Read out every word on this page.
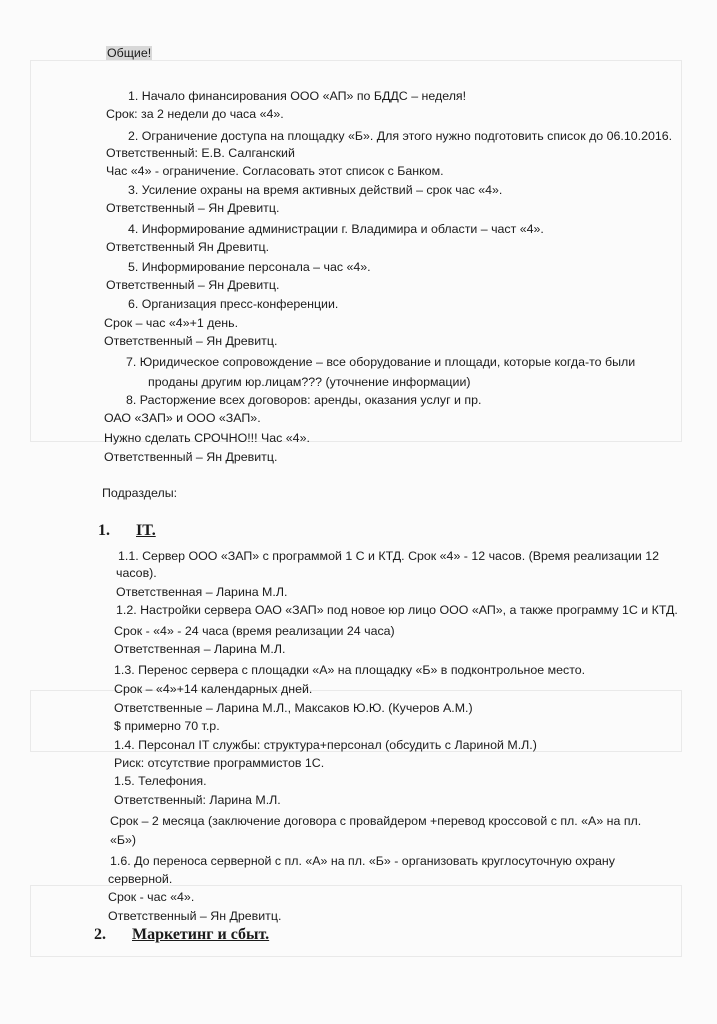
Общие!
1. Начало финансирования ООО «АП» по БДДС – неделя!
Срок: за 2 недели до часа «4».
2. Ограничение доступа на площадку «Б». Для этого нужно подготовить список до 06.10.2016.
Ответственный: Е.В. Салганский
Час «4» - ограничение. Согласовать этот список с Банком.
3. Усиление охраны на время активных действий – срок час «4».
Ответственный – Ян Древитц.
4. Информирование администрации г. Владимира и области – част «4».
Ответственный Ян Древитц.
5. Информирование персонала – час «4».
Ответственный – Ян Древитц.
6. Организация пресс-конференции.
Срок – час «4»+1 день.
Ответственный – Ян Древитц.
7. Юридическое сопровождение – все оборудование и площади, которые когда-то были
проданы другим юр.лицам??? (уточнение информации)
8. Расторжение всех договоров: аренды, оказания услуг и пр.
ОАО «ЗАП» и ООО «ЗАП».
Нужно сделать СРОЧНО!!! Час «4».
Ответственный – Ян Древитц.
Подразделы:
1. IT.
1.1. Сервер ООО «ЗАП» с программой 1 С и КТД. Срок «4» - 12 часов. (Время реализации 12
часов).
Ответственная – Ларина М.Л.
1.2. Настройки сервера ОАО «ЗАП» под новое юр лицо ООО «АП», а также программу 1С и КТД.
Срок - «4» - 24 часа (время реализации 24 часа)
Ответственная – Ларина М.Л.
1.3. Перенос сервера с площадки «А» на площадку «Б» в подконтрольное место.
Срок – «4»+14 календарных дней.
Ответственные – Ларина М.Л., Максаков Ю.Ю. (Кучеров А.М.)
$ примерно 70 т.р.
1.4. Персонал IT службы: структура+персонал (обсудить с Лариной М.Л.)
Риск: отсутствие программистов 1С.
1.5. Телефония.
Ответственный: Ларина М.Л.
Срок – 2 месяца (заключение договора с провайдером +перевод кроссовой с пл. «А» на пл.
«Б»)
1.6. До переноса серверной с пл. «А» на пл. «Б» - организовать круглосуточную охрану
серверной.
Срок - час «4».
Ответственный – Ян Древитц.
2. Маркетинг и сбыт.
